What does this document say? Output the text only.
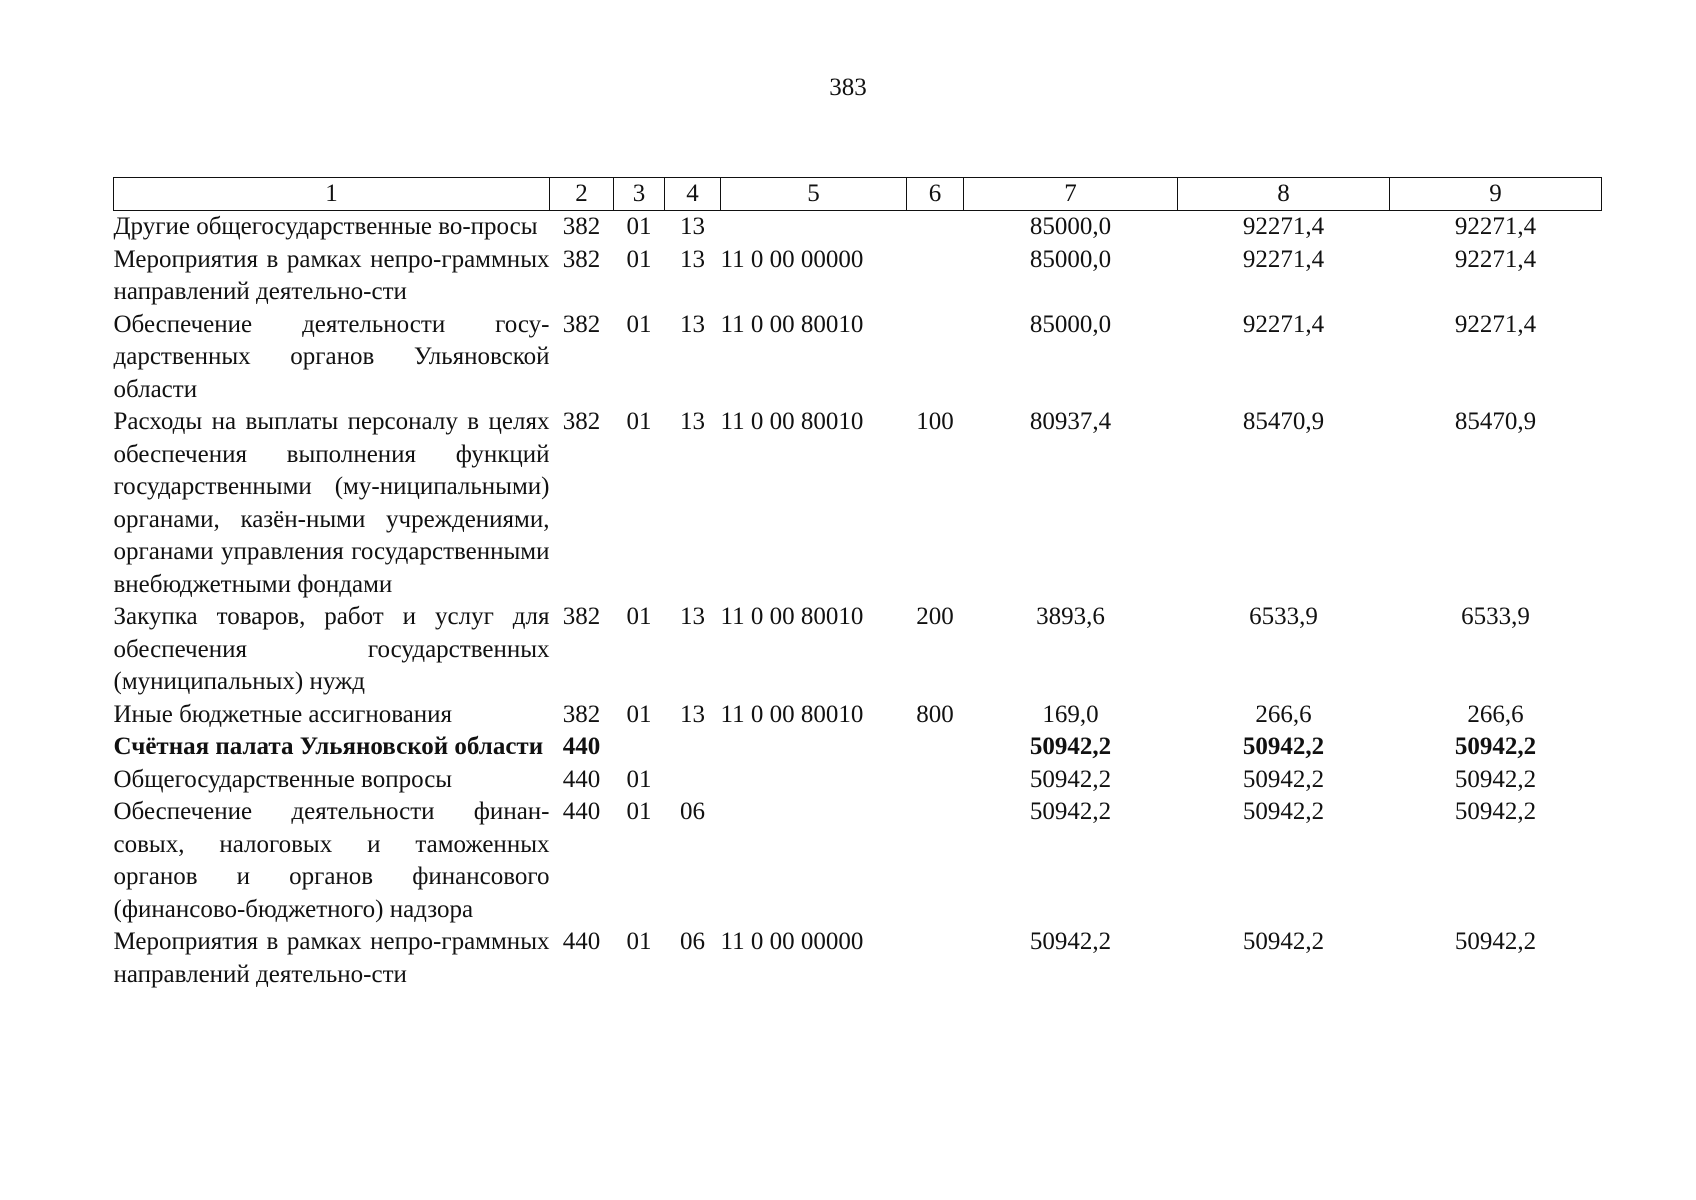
383
1	2	3	4	5	6	7	8	9
Другие общегосударственные во-просы	382	01	13			85000,0	92271,4	92271,4
Мероприятия в рамках непро-граммных направлений деятельно-сти	382	01	13	11 0 00 00000		85000,0	92271,4	92271,4
Обеспечение деятельности госу-дарственных органов Ульяновской области	382	01	13	11 0 00 80010		85000,0	92271,4	92271,4
Расходы на выплаты персоналу в целях обеспечения выполнения функций государственными (му-ниципальными) органами, казён-ными учреждениями, органами управления государственными внебюджетными фондами	382	01	13	11 0 00 80010	100	80937,4	85470,9	85470,9
Закупка товаров, работ и услуг для обеспечения государственных (муниципальных) нужд	382	01	13	11 0 00 80010	200	3893,6	6533,9	6533,9
Иные бюджетные ассигнования	382	01	13	11 0 00 80010	800	169,0	266,6	266,6
Счётная палата Ульяновской области	440					50942,2	50942,2	50942,2
Общегосударственные вопросы	440	01				50942,2	50942,2	50942,2
Обеспечение деятельности финан-совых, налоговых и таможенных органов и органов финансового (финансово-бюджетного) надзора	440	01	06			50942,2	50942,2	50942,2
Мероприятия в рамках непро-граммных направлений деятельно-сти	440	01	06	11 0 00 00000		50942,2	50942,2	50942,2
